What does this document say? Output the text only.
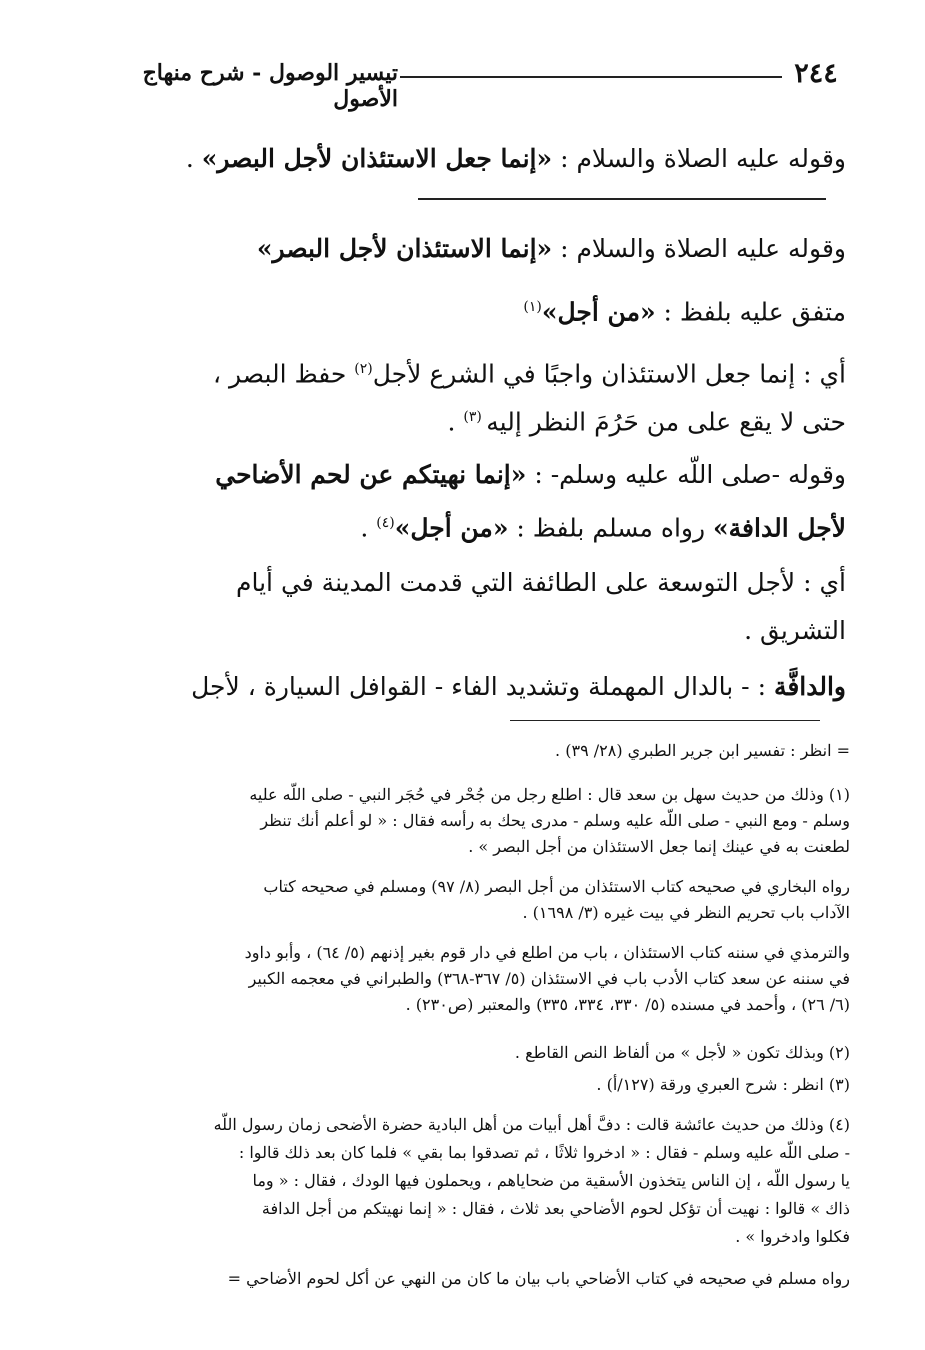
٢٤٤
تيسير الوصول - شرح منهاج الأصول
وقوله عليه الصلاة والسلام : «إنما جعل الاستئذان لأجل البصر» .
وقوله عليه الصلاة والسلام : «إنما الاستئذان لأجل البصر»
متفق عليه بلفظ : «من أجل»$^{(١)}$
أي : إنما جعل الاستئذان واجبًا في الشرع لأجل$^{(٢)}$ حفظ البصر ،
حتى لا يقع على من حَرُمَ النظر إليه $^{(٣)}$ .
وقوله -صلى اللّه عليه وسلم- : «إنما نهيتكم عن لحم الأضاحي
لأجل الدافة» رواه مسلم بلفظ : «من أجل»$^{(٤)}$ .
أي : لأجل التوسعة على الطائفة التي قدمت المدينة في أيام
التشريق .
والدافَّة : - بالدال المهملة وتشديد الفاء - القوافل السيارة ، لأجل
= انظر : تفسير ابن جرير الطبري (٢٨/ ٣٩) .
(١) وذلك من حديث سهل بن سعد قال : اطلع رجل من جُحْر في حُجَر النبي - صلى اللّه عليه
وسلم - ومع النبي - صلى اللّه عليه وسلم - مدرى يحك به رأسه فقال : « لو أعلم أنك تنظر
لطعنت به في عينك إنما جعل الاستئذان من أجل البصر » .
رواه البخاري في صحيحه كتاب الاستئذان من أجل البصر (٨/ ٩٧) ومسلم في صحيحه كتاب
الآداب باب تحريم النظر في بيت غيره (٣/ ١٦٩٨) .
والترمذي في سننه كتاب الاستئذان ، باب من اطلع في دار قوم بغير إذنهم (٥/ ٦٤) ، وأبو داود
في سننه عن سعد كتاب الأدب باب في الاستئذان (٥/ ٣٦٧-٣٦٨) والطبراني في معجمه الكبير
(٦/ ٢٦) ، وأحمد في مسنده (٥/ ٣٣٠، ٣٣٤، ٣٣٥) والمعتبر (ص٢٣٠) .
(٢) وبذلك تكون « لأجل » من ألفاظ النص القاطع .
(٣) انظر : شرح العبري ورقة (١٢٧/أ) .
(٤) وذلك من حديث عائشة قالت : دفَّ أهل أبيات من أهل البادية حضرة الأضحى زمان رسول اللّه
- صلى اللّه عليه وسلم - فقال : « ادخروا ثلاثًا ، ثم تصدقوا بما بقي » فلما كان بعد ذلك قالوا :
يا رسول اللّه ، إن الناس يتخذون الأسقية من ضحاياهم ، ويحملون فيها الودك ، فقال : « وما
ذاك » قالوا : نهيت أن تؤكل لحوم الأضاحي بعد ثلاث ، فقال : « إنما نهيتكم من أجل الدافة
فكلوا وادخروا » .
رواه مسلم في صحيحه في كتاب الأضاحي باب بيان ما كان من النهي عن أكل لحوم الأضاحي =
